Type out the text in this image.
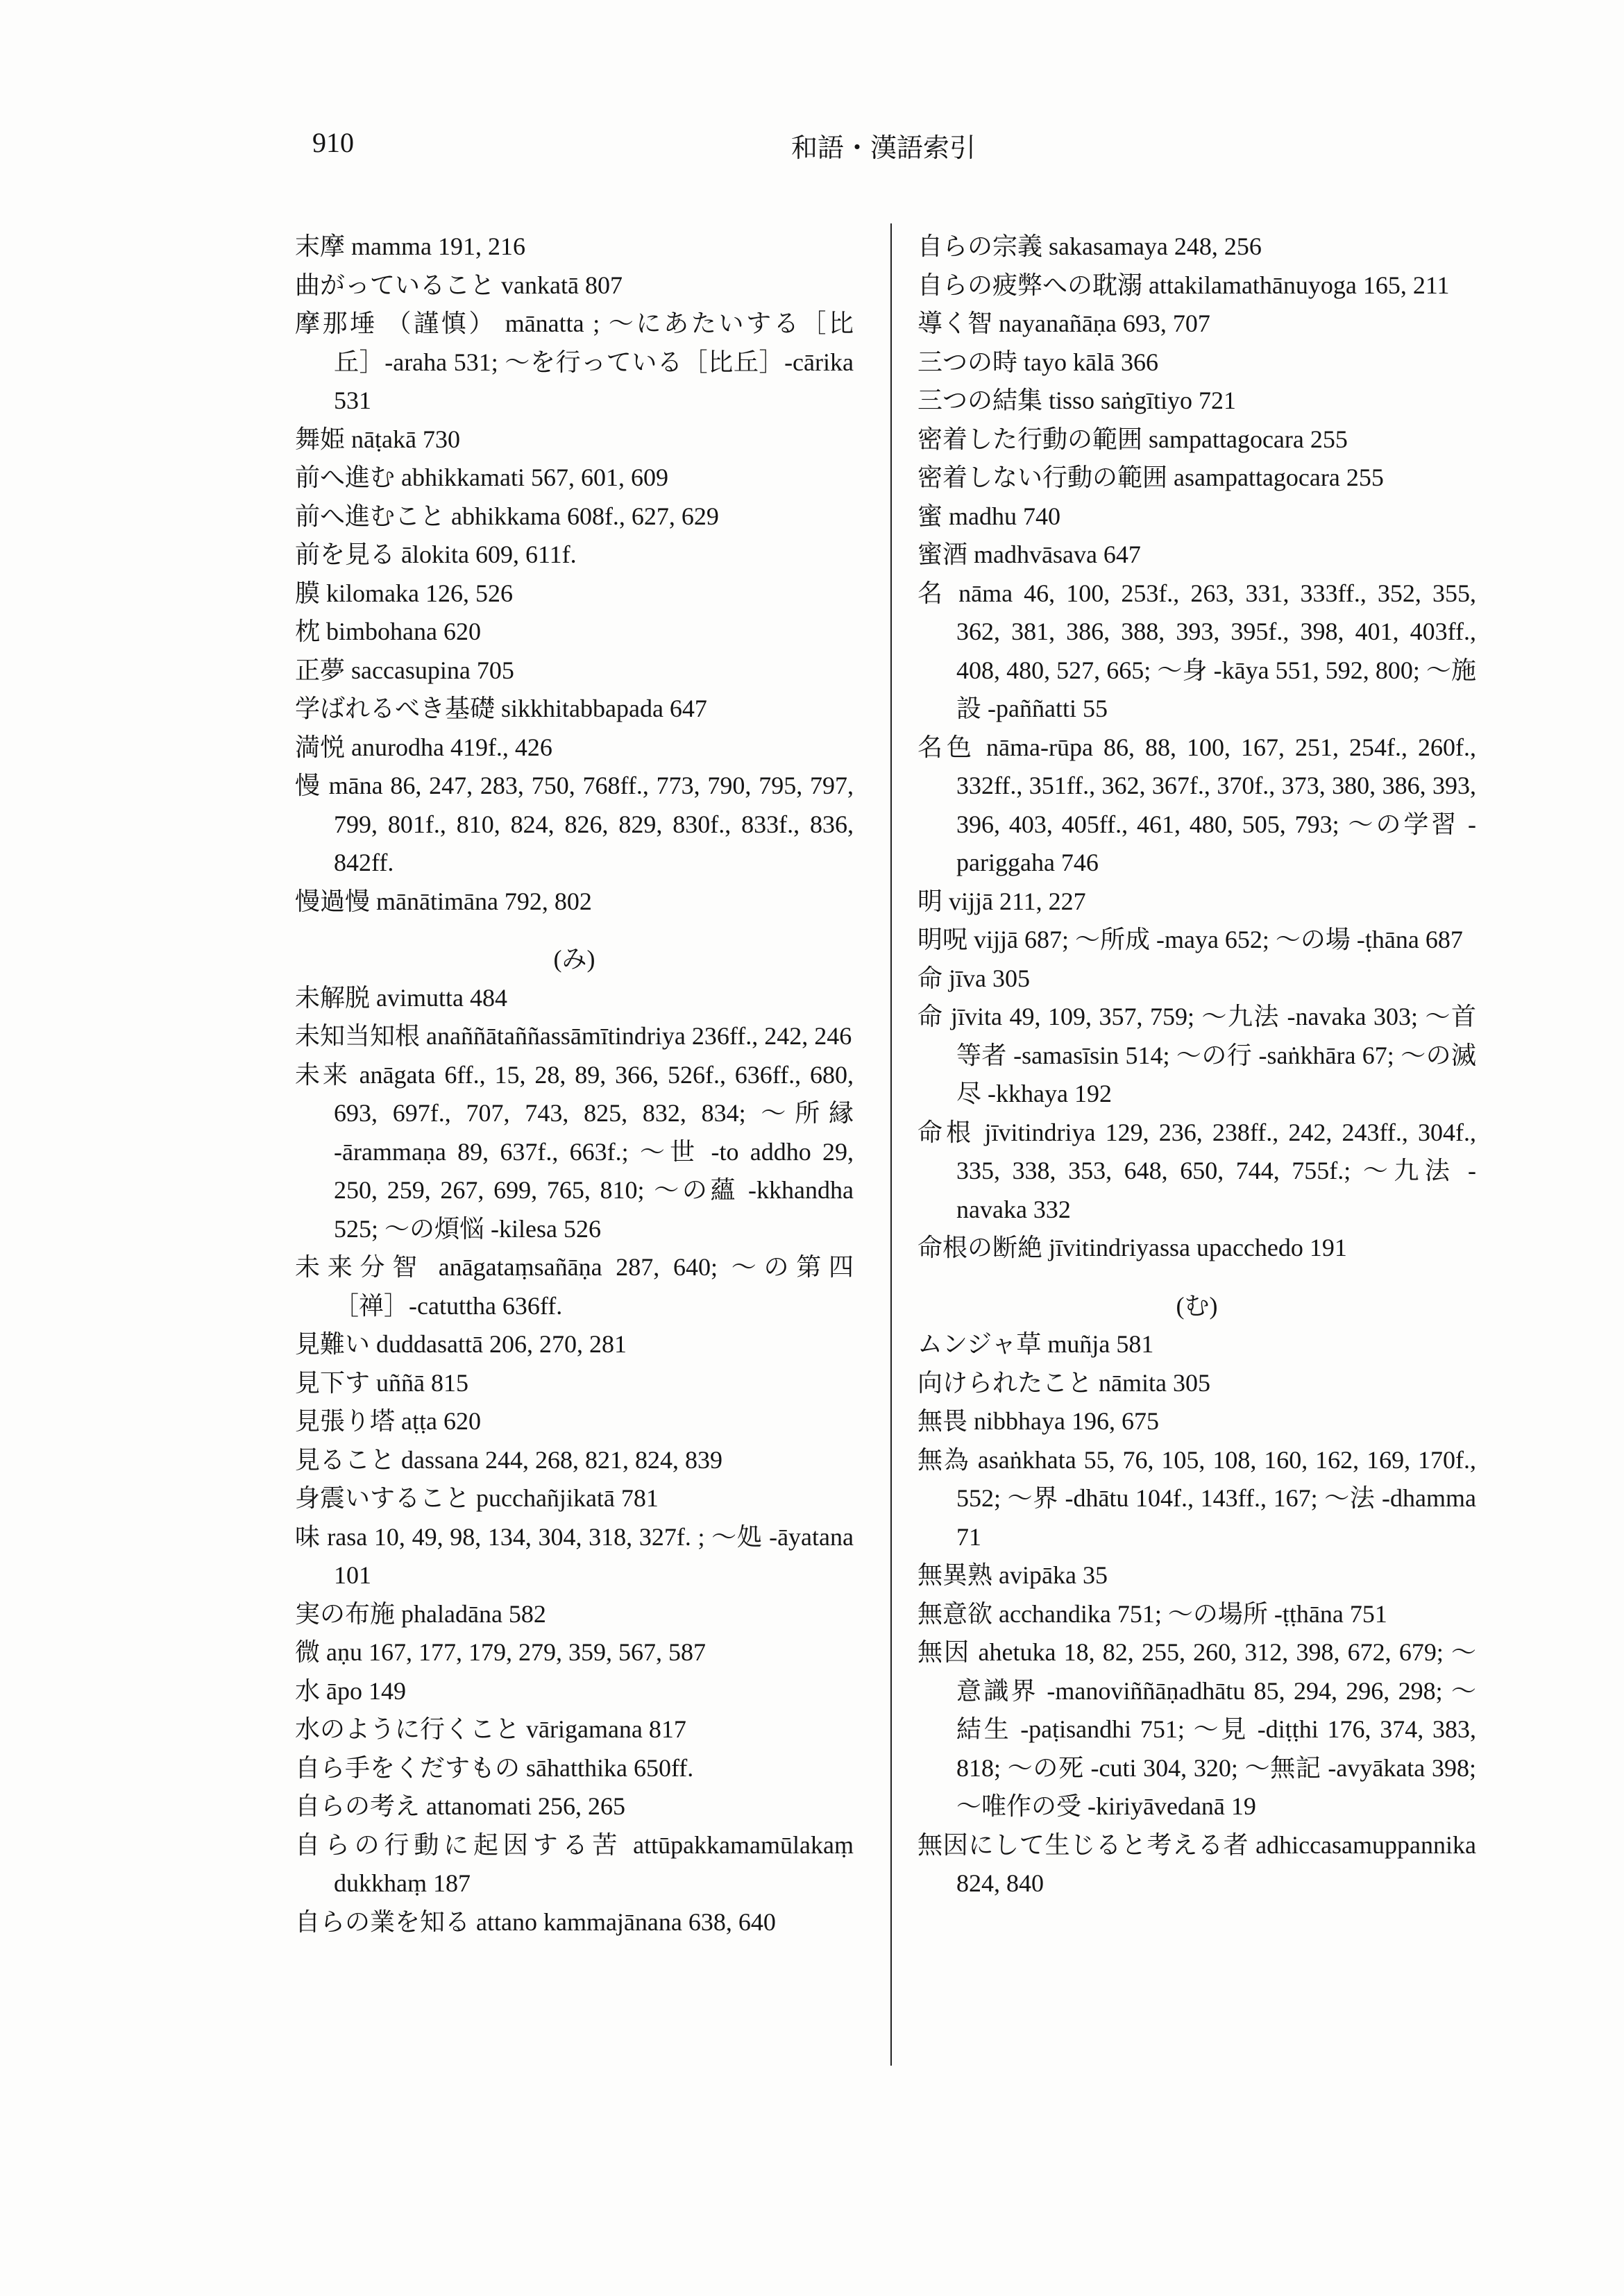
910	和語・漢語索引

末摩 mamma 191, 216

曲がっていること vankatā 807

摩那埵 （謹慎） mānatta ; ～にあたいする［比丘］-araha 531; ～を行っている［比丘］-cārika 531

舞姫 nāṭakā 730

前へ進む abhikkamati 567, 601, 609

前へ進むこと abhikkama 608f., 627, 629

前を見る ālokita 609, 611f.

膜 kilomaka 126, 526

枕 bimbohana 620

正夢 saccasupina 705

学ばれるべき基礎 sikkhitabbapada 647

満悦 anurodha 419f., 426

慢 māna 86, 247, 283, 750, 768ff., 773, 790, 795, 797, 799, 801f., 810, 824, 826, 829, 830f., 833f., 836, 842ff.

慢過慢 mānātimāna 792, 802

(み)

未解脱 avimutta 484

未知当知根 anaññātaññassāmītindriya 236ff., 242, 246

未来 anāgata 6ff., 15, 28, 89, 366, 526f., 636ff., 680, 693, 697f., 707, 743, 825, 832, 834; ～所縁 -ārammaṇa 89, 637f., 663f.; ～世 -to addho 29, 250, 259, 267, 699, 765, 810; ～の蘊 -kkhandha 525; ～の煩悩 -kilesa 526

未来分智 anāgataṃsañāṇa 287, 640; ～の第四［禅］-catuttha 636ff.

見難い duddasattā 206, 270, 281

見下す uññā 815

見張り塔 aṭṭa 620

見ること dassana 244, 268, 821, 824, 839

身震いすること pucchañjikatā 781

味 rasa 10, 49, 98, 134, 304, 318, 327f. ; ～処 -āyatana 101

実の布施 phaladāna 582

微 aṇu 167, 177, 179, 279, 359, 567, 587

水 āpo 149

水のように行くこと vārigamana 817

自ら手をくだすもの sāhatthika 650ff.

自らの考え attanomati 256, 265

自らの行動に起因する苦 attūpakkamamūlakaṃ dukkhaṃ 187

自らの業を知る attano kammajānana 638, 640

自らの宗義 sakasamaya 248, 256

自らの疲弊への耽溺 attakilamathānuyoga 165, 211

導く智 nayanañāṇa 693, 707

三つの時 tayo kālā 366

三つの結集 tisso saṅgītiyo 721

密着した行動の範囲 sampattagocara 255

密着しない行動の範囲 asampattagocara 255

蜜 madhu 740

蜜酒 madhvāsava 647

名 nāma 46, 100, 253f., 263, 331, 333ff., 352, 355, 362, 381, 386, 388, 393, 395f., 398, 401, 403ff., 408, 480, 527, 665; ～身 -kāya 551, 592, 800; ～施設 -paññatti 55

名色 nāma-rūpa 86, 88, 100, 167, 251, 254f., 260f., 332ff., 351ff., 362, 367f., 370f., 373, 380, 386, 393, 396, 403, 405ff., 461, 480, 505, 793; ～の学習 -pariggaha 746

明 vijjā 211, 227

明呪 vijjā 687; ～所成 -maya 652; ～の場 -ṭhāna 687

命 jīva 305

命 jīvita 49, 109, 357, 759; ～九法 -navaka 303; ～首等者 -samasīsin 514; ～の行 -saṅkhāra 67; ～の滅尽 -kkhaya 192

命根 jīvitindriya 129, 236, 238ff., 242, 243ff., 304f., 335, 338, 353, 648, 650, 744, 755f.; ～九法 -navaka 332

命根の断絶 jīvitindriyassa upacchedo 191

(む)

ムンジャ草 muñja 581

向けられたこと nāmita 305

無畏 nibbhaya 196, 675

無為 asaṅkhata 55, 76, 105, 108, 160, 162, 169, 170f., 552; ～界 -dhātu 104f., 143ff., 167; ～法 -dhamma 71

無異熟 avipāka 35

無意欲 acchandika 751; ～の場所 -ṭṭhāna 751

無因 ahetuka 18, 82, 255, 260, 312, 398, 672, 679; ～意識界 -manoviññāṇadhātu 85, 294, 296, 298; ～結生 -paṭisandhi 751; ～見 -diṭṭhi 176, 374, 383, 818; ～の死 -cuti 304, 320; ～無記 -avyākata 398; ～唯作の受 -kiriyāvedanā 19

無因にして生じると考える者 adhiccasamuppannika 824, 840
